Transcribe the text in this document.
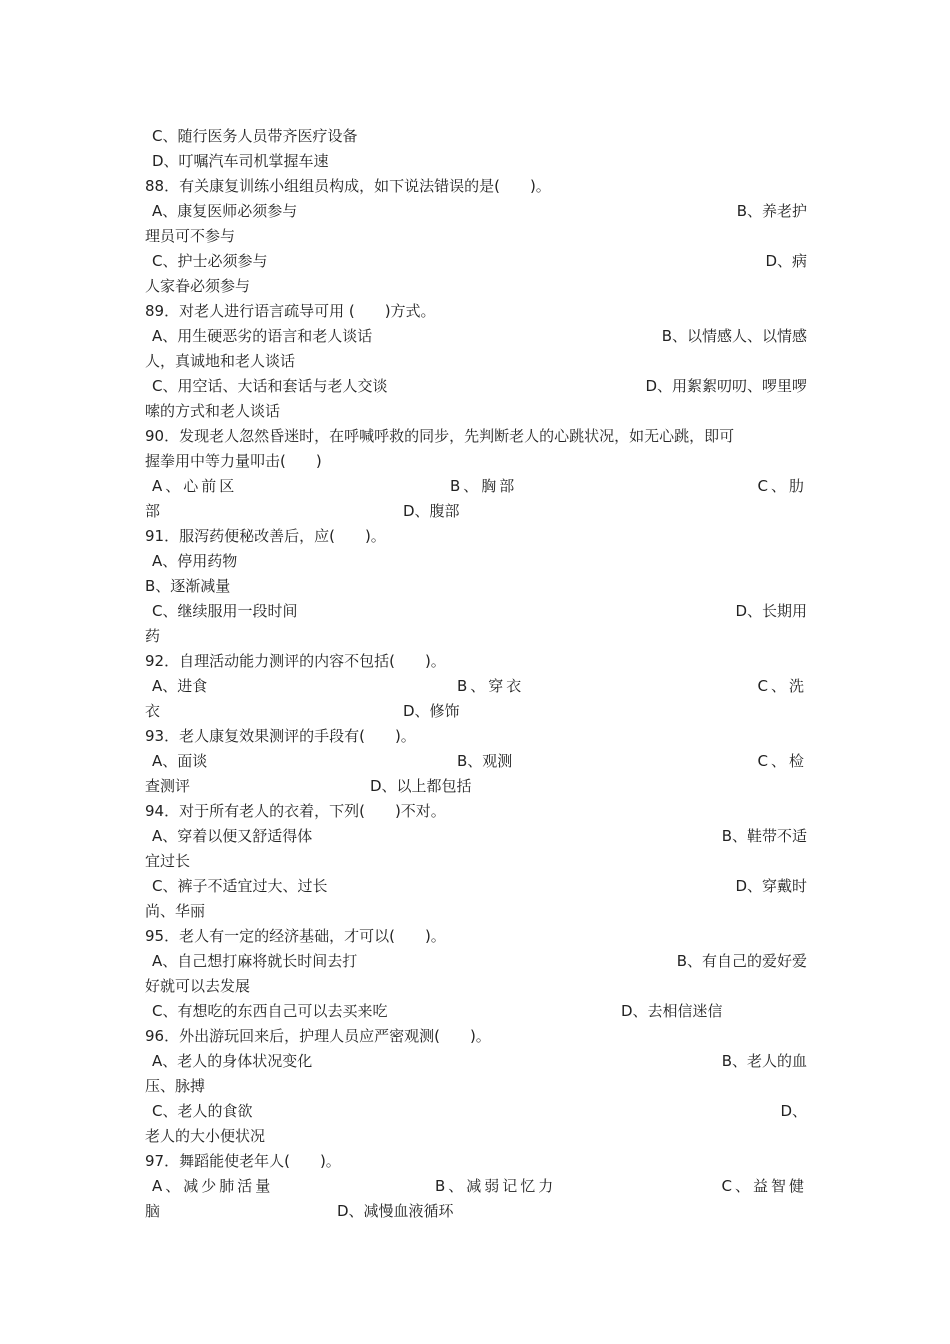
C、随行医务人员带齐医疗设备
D、叮嘱汽车司机掌握车速
88．有关康复训练小组组员构成，如下说法错误的是(　　)。
A、康复医师必须参与	B、养老护
理员可不参与
C、护士必须参与	D、病
人家眷必须参与
89．对老人进行语言疏导可用 (　　)方式。
A、用生硬恶劣的语言和老人谈话	B、以情感人、以情感
人，真诚地和老人谈话
C、用空话、大话和套话与老人交谈	D、用絮絮叨叨、啰里啰
嗦的方式和老人谈话
90．发现老人忽然昏迷时，在呼喊呼救的同步，先判断老人的心跳状况，如无心跳，即可
握拳用中等力量叩击(　　)
A、心前区	B、胸部	C、肋
部	D、腹部
91．服泻药便秘改善后，应(　　)。
A、停用药物
B、逐渐减量
C、继续服用一段时间	D、长期用
药
92．自理活动能力测评的内容不包括(　　)。
A、进食	B、穿衣	C、洗
衣	D、修饰
93．老人康复效果测评的手段有(　　)。
A、面谈	B、观测	C、检
查测评	D、以上都包括
94．对于所有老人的衣着，下列(　　)不对。
A、穿着以便又舒适得体	B、鞋带不适
宜过长
C、裤子不适宜过大、过长	D、穿戴时
尚、华丽
95．老人有一定的经济基础，才可以(　　)。
A、自己想打麻将就长时间去打	B、有自己的爱好爱
好就可以去发展
C、有想吃的东西自己可以去买来吃	D、去相信迷信
96．外出游玩回来后，护理人员应严密观测(　　)。
A、老人的身体状况变化	B、老人的血
压、脉搏
C、老人的食欲	D、
老人的大小便状况
97．舞蹈能使老年人(　　)。
A、减少肺活量	B、减弱记忆力	C、益智健
脑	D、减慢血液循环
